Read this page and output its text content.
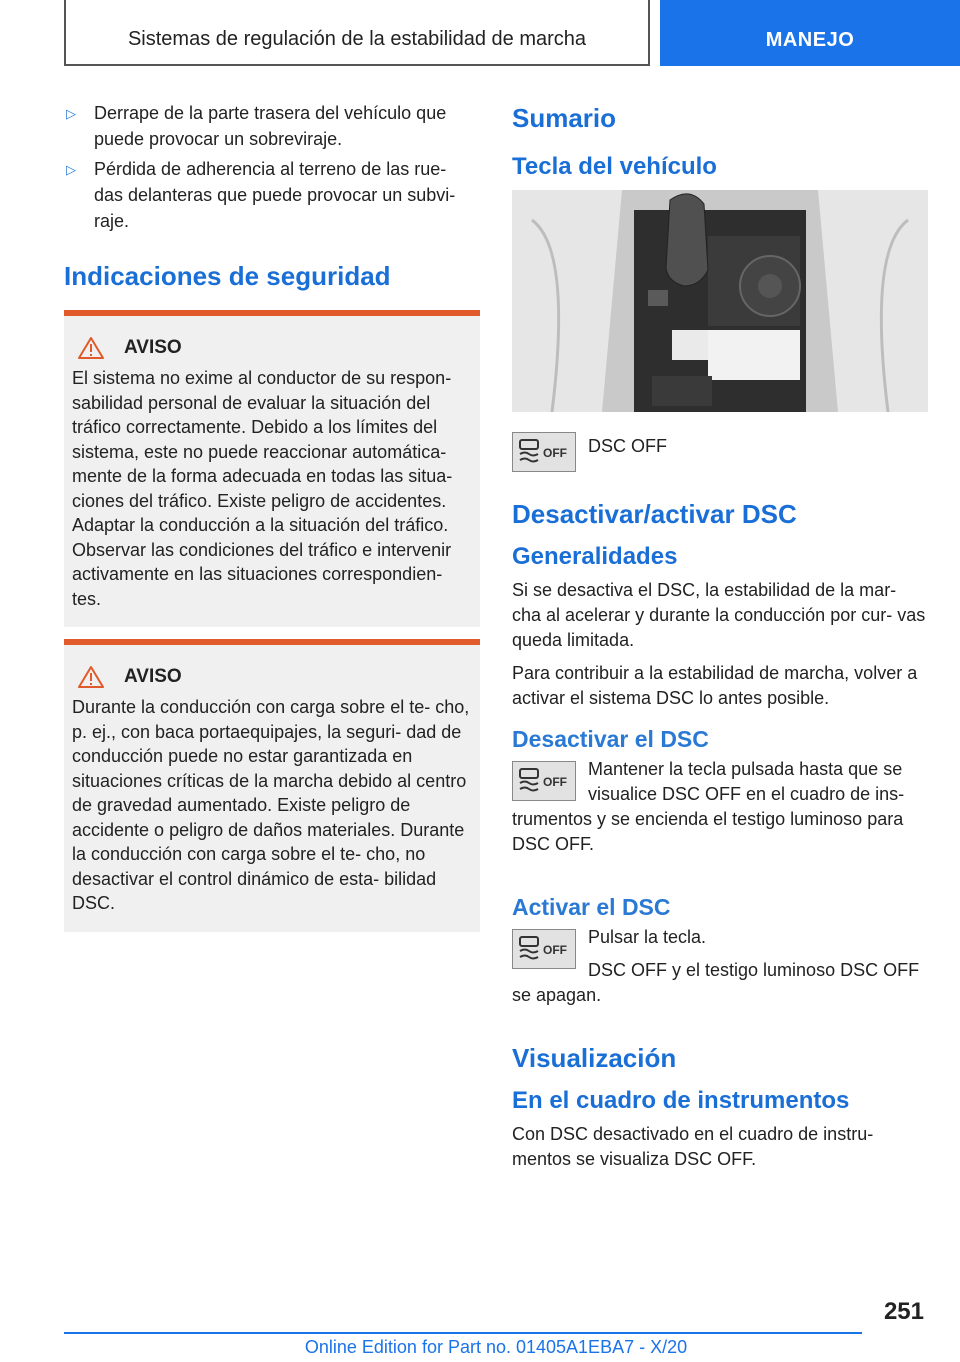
Sistemas de regulación de la estabilidad de marcha	MANEJO
▷	Derrape de la parte trasera del vehículo que puede provocar un sobreviraje.
▷	Pérdida de adherencia al terreno de las rue- das delanteras que puede provocar un subvi- raje.
Indicaciones de seguridad
AVISO
El sistema no exime al conductor de su respon- sabilidad personal de evaluar la situación del tráfico correctamente. Debido a los límites del sistema, este no puede reaccionar automática- mente de la forma adecuada en todas las situa- ciones del tráfico. Existe peligro de accidentes. Adaptar la conducción a la situación del tráfico. Observar las condiciones del tráfico e intervenir activamente en las situaciones correspondien- tes.
AVISO
Durante la conducción con carga sobre el te- cho, p. ej., con baca portaequipajes, la seguri- dad de conducción puede no estar garantizada en situaciones críticas de la marcha debido al centro de gravedad aumentado. Existe peligro de accidente o peligro de daños materiales. Durante la conducción con carga sobre el te- cho, no desactivar el control dinámico de esta- bilidad DSC.
Sumario
Tecla del vehículo
OFF	DSC OFF

Desactivar/activar DSC
Generalidades

Si se desactiva el DSC, la estabilidad de la mar- cha al acelerar y durante la conducción por cur- vas queda limitada.

Para contribuir a la estabilidad de marcha, volver a activar el sistema DSC lo antes posible.

Desactivar el DSC
OFF

Mantener la tecla pulsada hasta que se visualice DSC OFF en el cuadro de ins- trumentos y se encienda el testigo luminoso para DSC OFF.

Activar el DSC
OFF

Pulsar la tecla.

DSC OFF y el testigo luminoso DSC OFF se apagan.

Visualización
En el cuadro de instrumentos

Con DSC desactivado en el cuadro de instru- mentos se visualiza DSC OFF.

251
Online Edition for Part no. 01405A1EBA7 - X/20
